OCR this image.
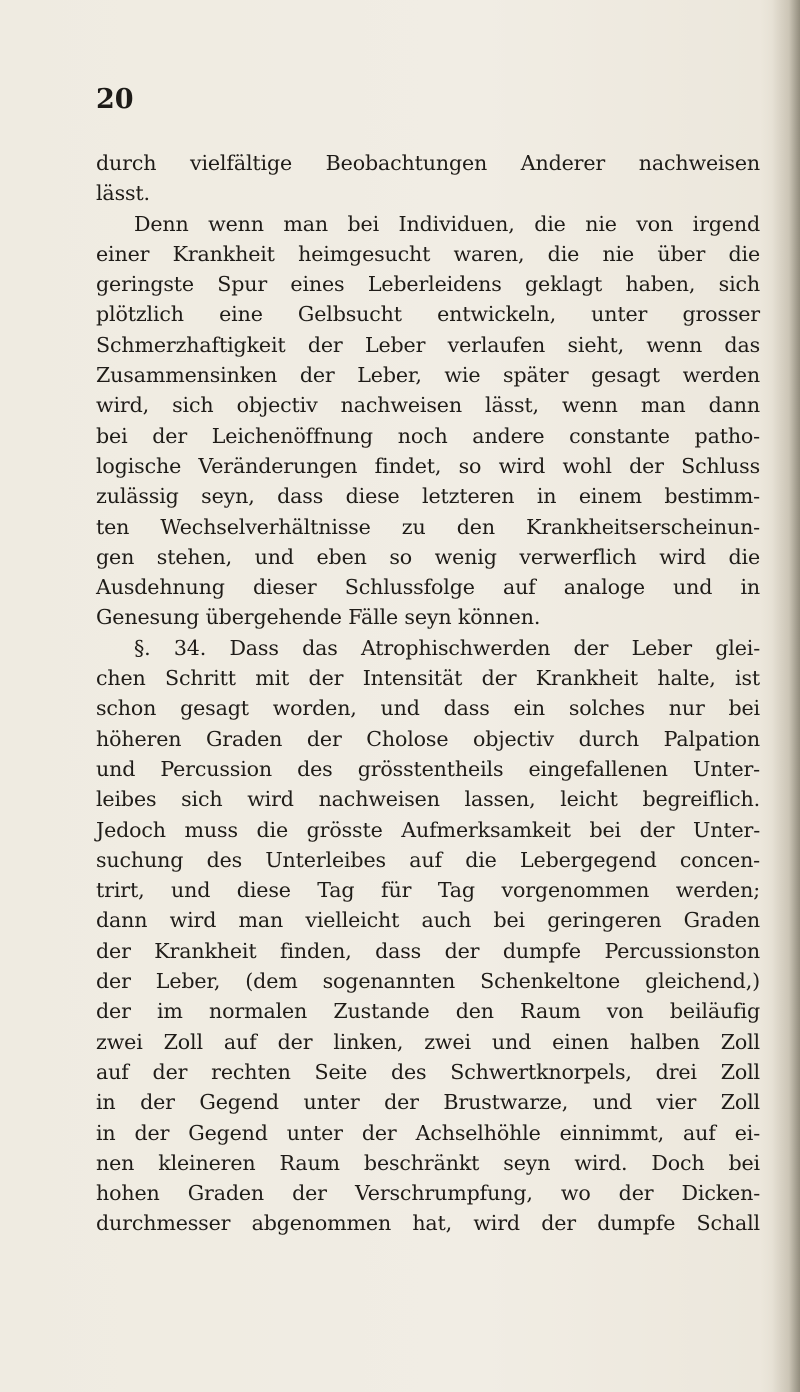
20
durch vielfältige Beobachtungen Anderer nachweisen
lässt.
Denn wenn man bei Individuen, die nie von irgend
einer Krankheit heimgesucht waren, die nie über die
geringste Spur eines Leberleidens geklagt haben, sich
plötzlich eine Gelbsucht entwickeln, unter grosser
Schmerzhaftigkeit der Leber verlaufen sieht, wenn das
Zusammensinken der Leber, wie später gesagt werden
wird, sich objectiv nachweisen lässt, wenn man dann
bei der Leichenöffnung noch andere constante patho-
logische Veränderungen findet, so wird wohl der Schluss
zulässig seyn, dass diese letzteren in einem bestimm-
ten Wechselverhältnisse zu den Krankheitserscheinun-
gen stehen, und eben so wenig verwerflich wird die
Ausdehnung dieser Schlussfolge auf analoge und in
Genesung übergehende Fälle seyn können.
§. 34. Dass das Atrophischwerden der Leber glei-
chen Schritt mit der Intensität der Krankheit halte, ist
schon gesagt worden, und dass ein solches nur bei
höheren Graden der Cholose objectiv durch Palpation
und Percussion des grösstentheils eingefallenen Unter-
leibes sich wird nachweisen lassen, leicht begreiflich.
Jedoch muss die grösste Aufmerksamkeit bei der Unter-
suchung des Unterleibes auf die Lebergegend concen-
trirt, und diese Tag für Tag vorgenommen werden;
dann wird man vielleicht auch bei geringeren Graden
der Krankheit finden, dass der dumpfe Percussionston
der Leber, (dem sogenannten Schenkeltone gleichend,)
der im normalen Zustande den Raum von beiläufig
zwei Zoll auf der linken, zwei und einen halben Zoll
auf der rechten Seite des Schwertknorpels, drei Zoll
in der Gegend unter der Brustwarze, und vier Zoll
in der Gegend unter der Achselhöhle einnimmt, auf ei-
nen kleineren Raum beschränkt seyn wird. Doch bei
hohen Graden der Verschrumpfung, wo der Dicken-
durchmesser abgenommen hat, wird der dumpfe Schall
